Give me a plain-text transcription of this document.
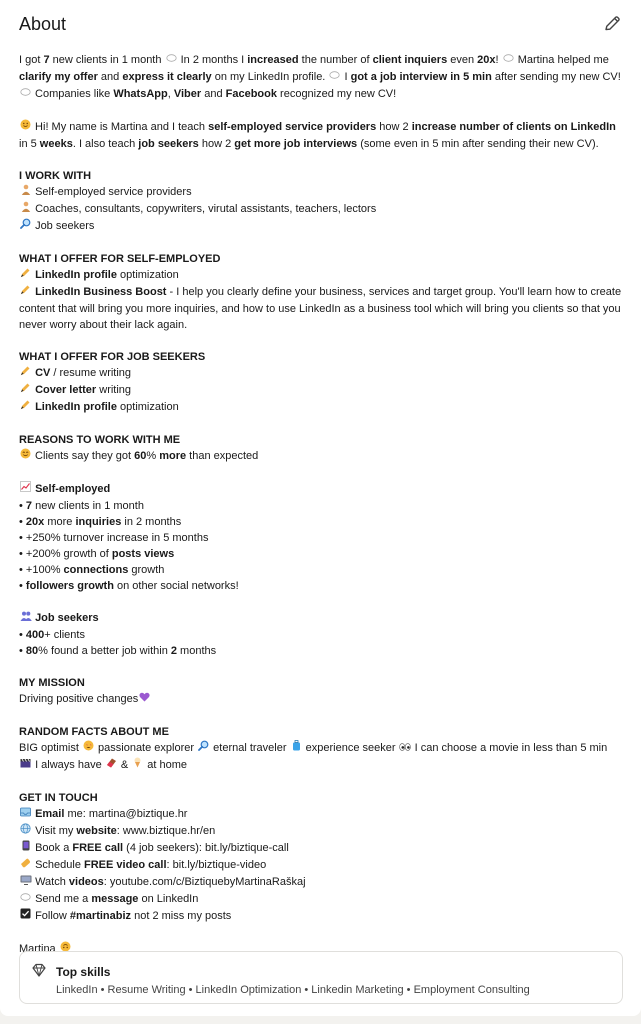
About

I got 7 new clients in 1 month  In 2 months I increased the number of client inquiers even 20x!  Martina helped me clarify my offer and express it clearly on my LinkedIn profile.  I got a job interview in 5 min after sending my new CV!  Companies like WhatsApp, Viber and Facebook recognized my new CV!

Hi! My name is Martina and I teach self-employed service providers how 2 increase number of clients on LinkedIn in 5 weeks. I also teach job seekers how 2 get more job interviews (some even in 5 min after sending their new CV).

I WORK WITH

Self-employed service providers

Coaches, consultants, copywriters, virutal assistants, teachers, lectors

Job seekers

WHAT I OFFER FOR SELF-EMPLOYED

LinkedIn profile optimization

LinkedIn Business Boost - I help you clearly define your business, services and target group. You'll learn how to create content that will bring you more inquiries, and how to use LinkedIn as a business tool which will bring you clients so that you never worry about their lack again.

WHAT I OFFER FOR JOB SEEKERS

CV / resume writing

Cover letter writing

LinkedIn profile optimization

REASONS TO WORK WITH ME

Clients say they got 60% more than expected

Self-employed

• 7 new clients in 1 month

• 20x more inquiries in 2 months

• +250% turnover increase in 5 months

• +200% growth of posts views

• +100% connections growth

• followers growth on other social networks!

Job seekers

• 400+ clients

• 80% found a better job within 2 months

MY MISSION

Driving positive changes

RANDOM FACTS ABOUT ME

BIG optimist  passionate explorer  eternal traveler  experience seeker  I can choose a movie in less than 5 min

I always have  &  at home

GET IN TOUCH

Email me: martina@biztique.hr

Visit my website: www.biztique.hr/en

Book a FREE call (4 job seekers): bit.ly/biztique-call

Schedule FREE video call: bit.ly/biztique-video

Watch videos: youtube.com/c/BiztiquebyMartinaRaškaj

Send me a message on LinkedIn

Follow #martinabiz not 2 miss my posts

Martina

Top skills
LinkedIn • Resume Writing • LinkedIn Optimization • Linkedin Marketing • Employment Consulting
